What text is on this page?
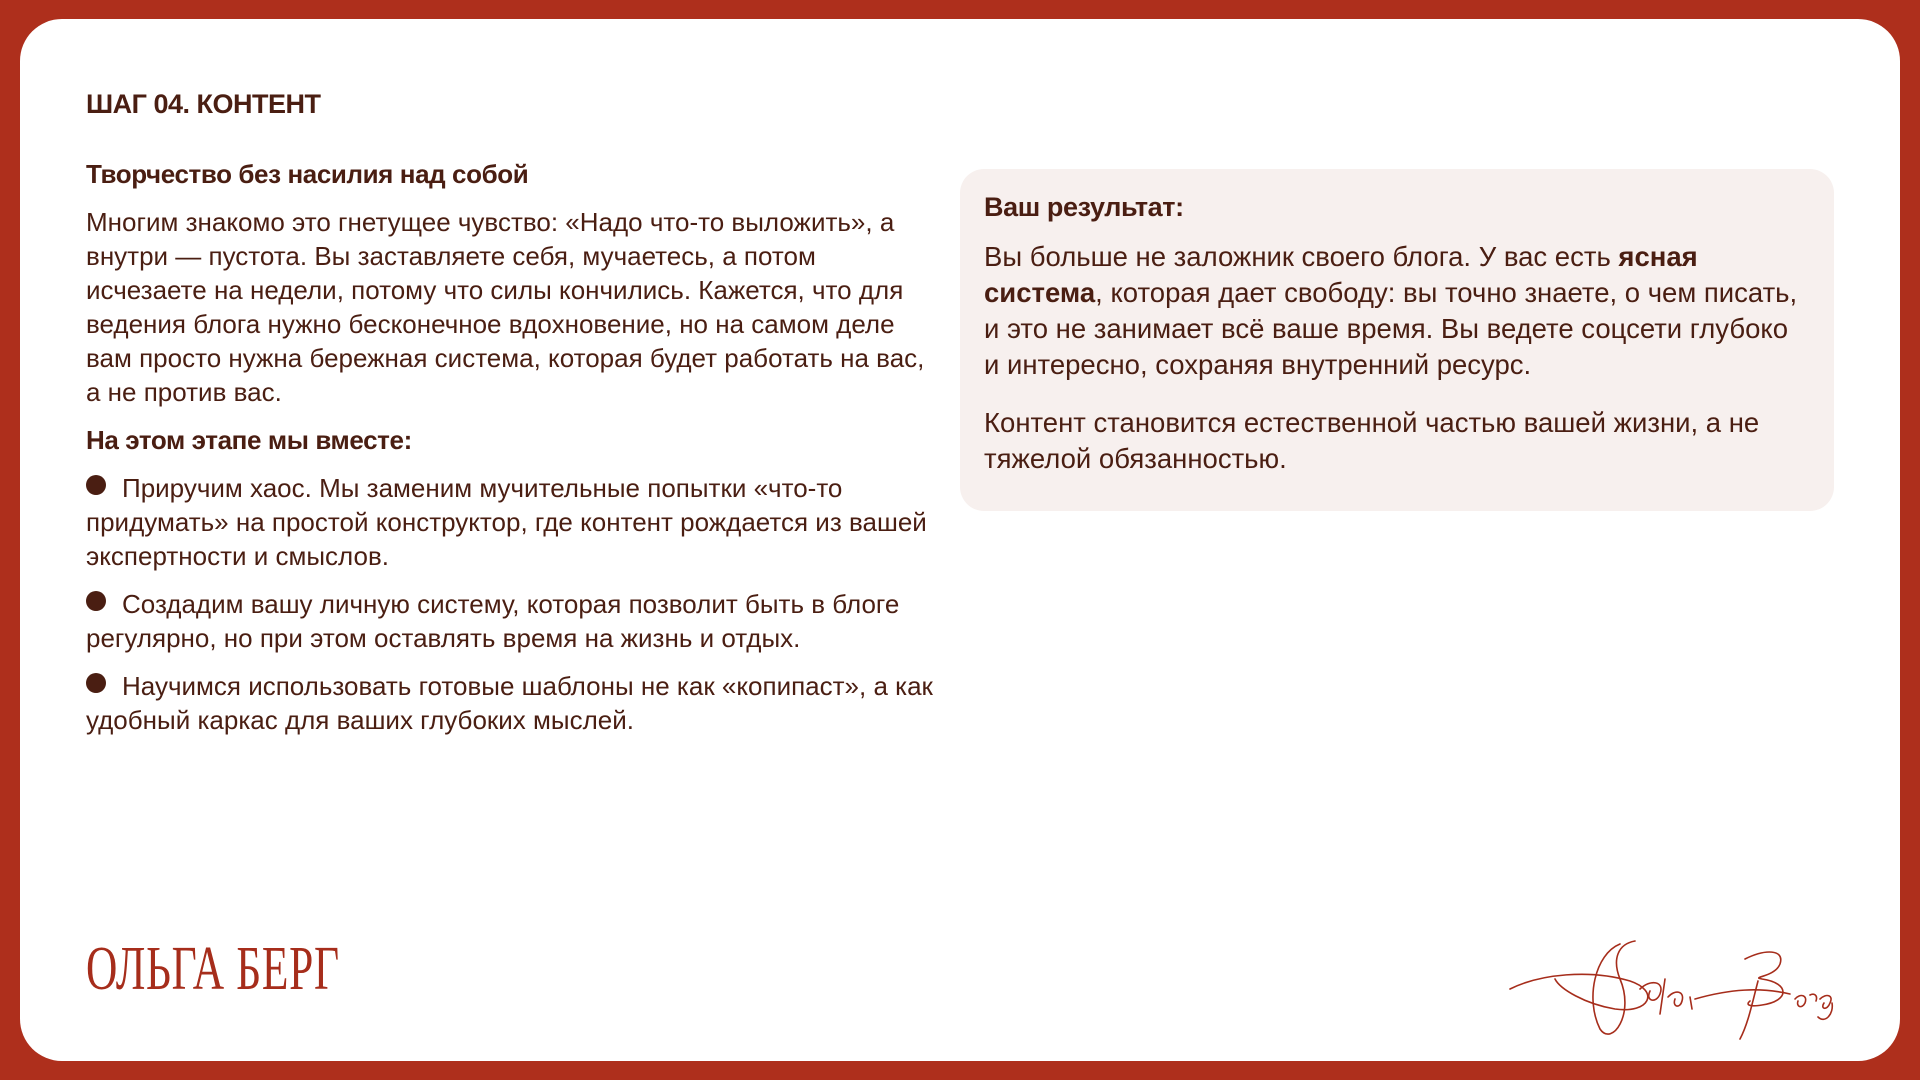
ШАГ 04. КОНТЕНТ
Творчество без насилия над собой

Многим знакомо это гнетущее чувство: «Надо что-то выложить», а внутри — пустота. Вы заставляете себя, мучаетесь, а потом исчезаете на недели, потому что силы кончились. Кажется, что для ведения блога нужно бесконечное вдохновение, но на самом деле вам просто нужна бережная система, которая будет работать на вас, а не против вас.

На этом этапе мы вместе:
Приручим хаос. Мы заменим мучительные попытки «что-то придумать» на простой конструктор, где контент рождается из вашей экспертности и смыслов.
Создадим вашу личную систему, которая позволит быть в блоге регулярно, но при этом оставлять время на жизнь и отдых.
Научимся использовать готовые шаблоны не как «копипаст», а как удобный каркас для ваших глубоких мыслей.
Ваш результат:

Вы больше не заложник своего блога. У вас есть ясная система, которая дает свободу: вы точно знаете, о чем писать, и это не занимает всё ваше время. Вы ведете соцсети глубоко и интересно, сохраняя внутренний ресурс.

Контент становится естественной частью вашей жизни, а не тяжелой обязанностью.

ОЛЬГА БЕРГ
